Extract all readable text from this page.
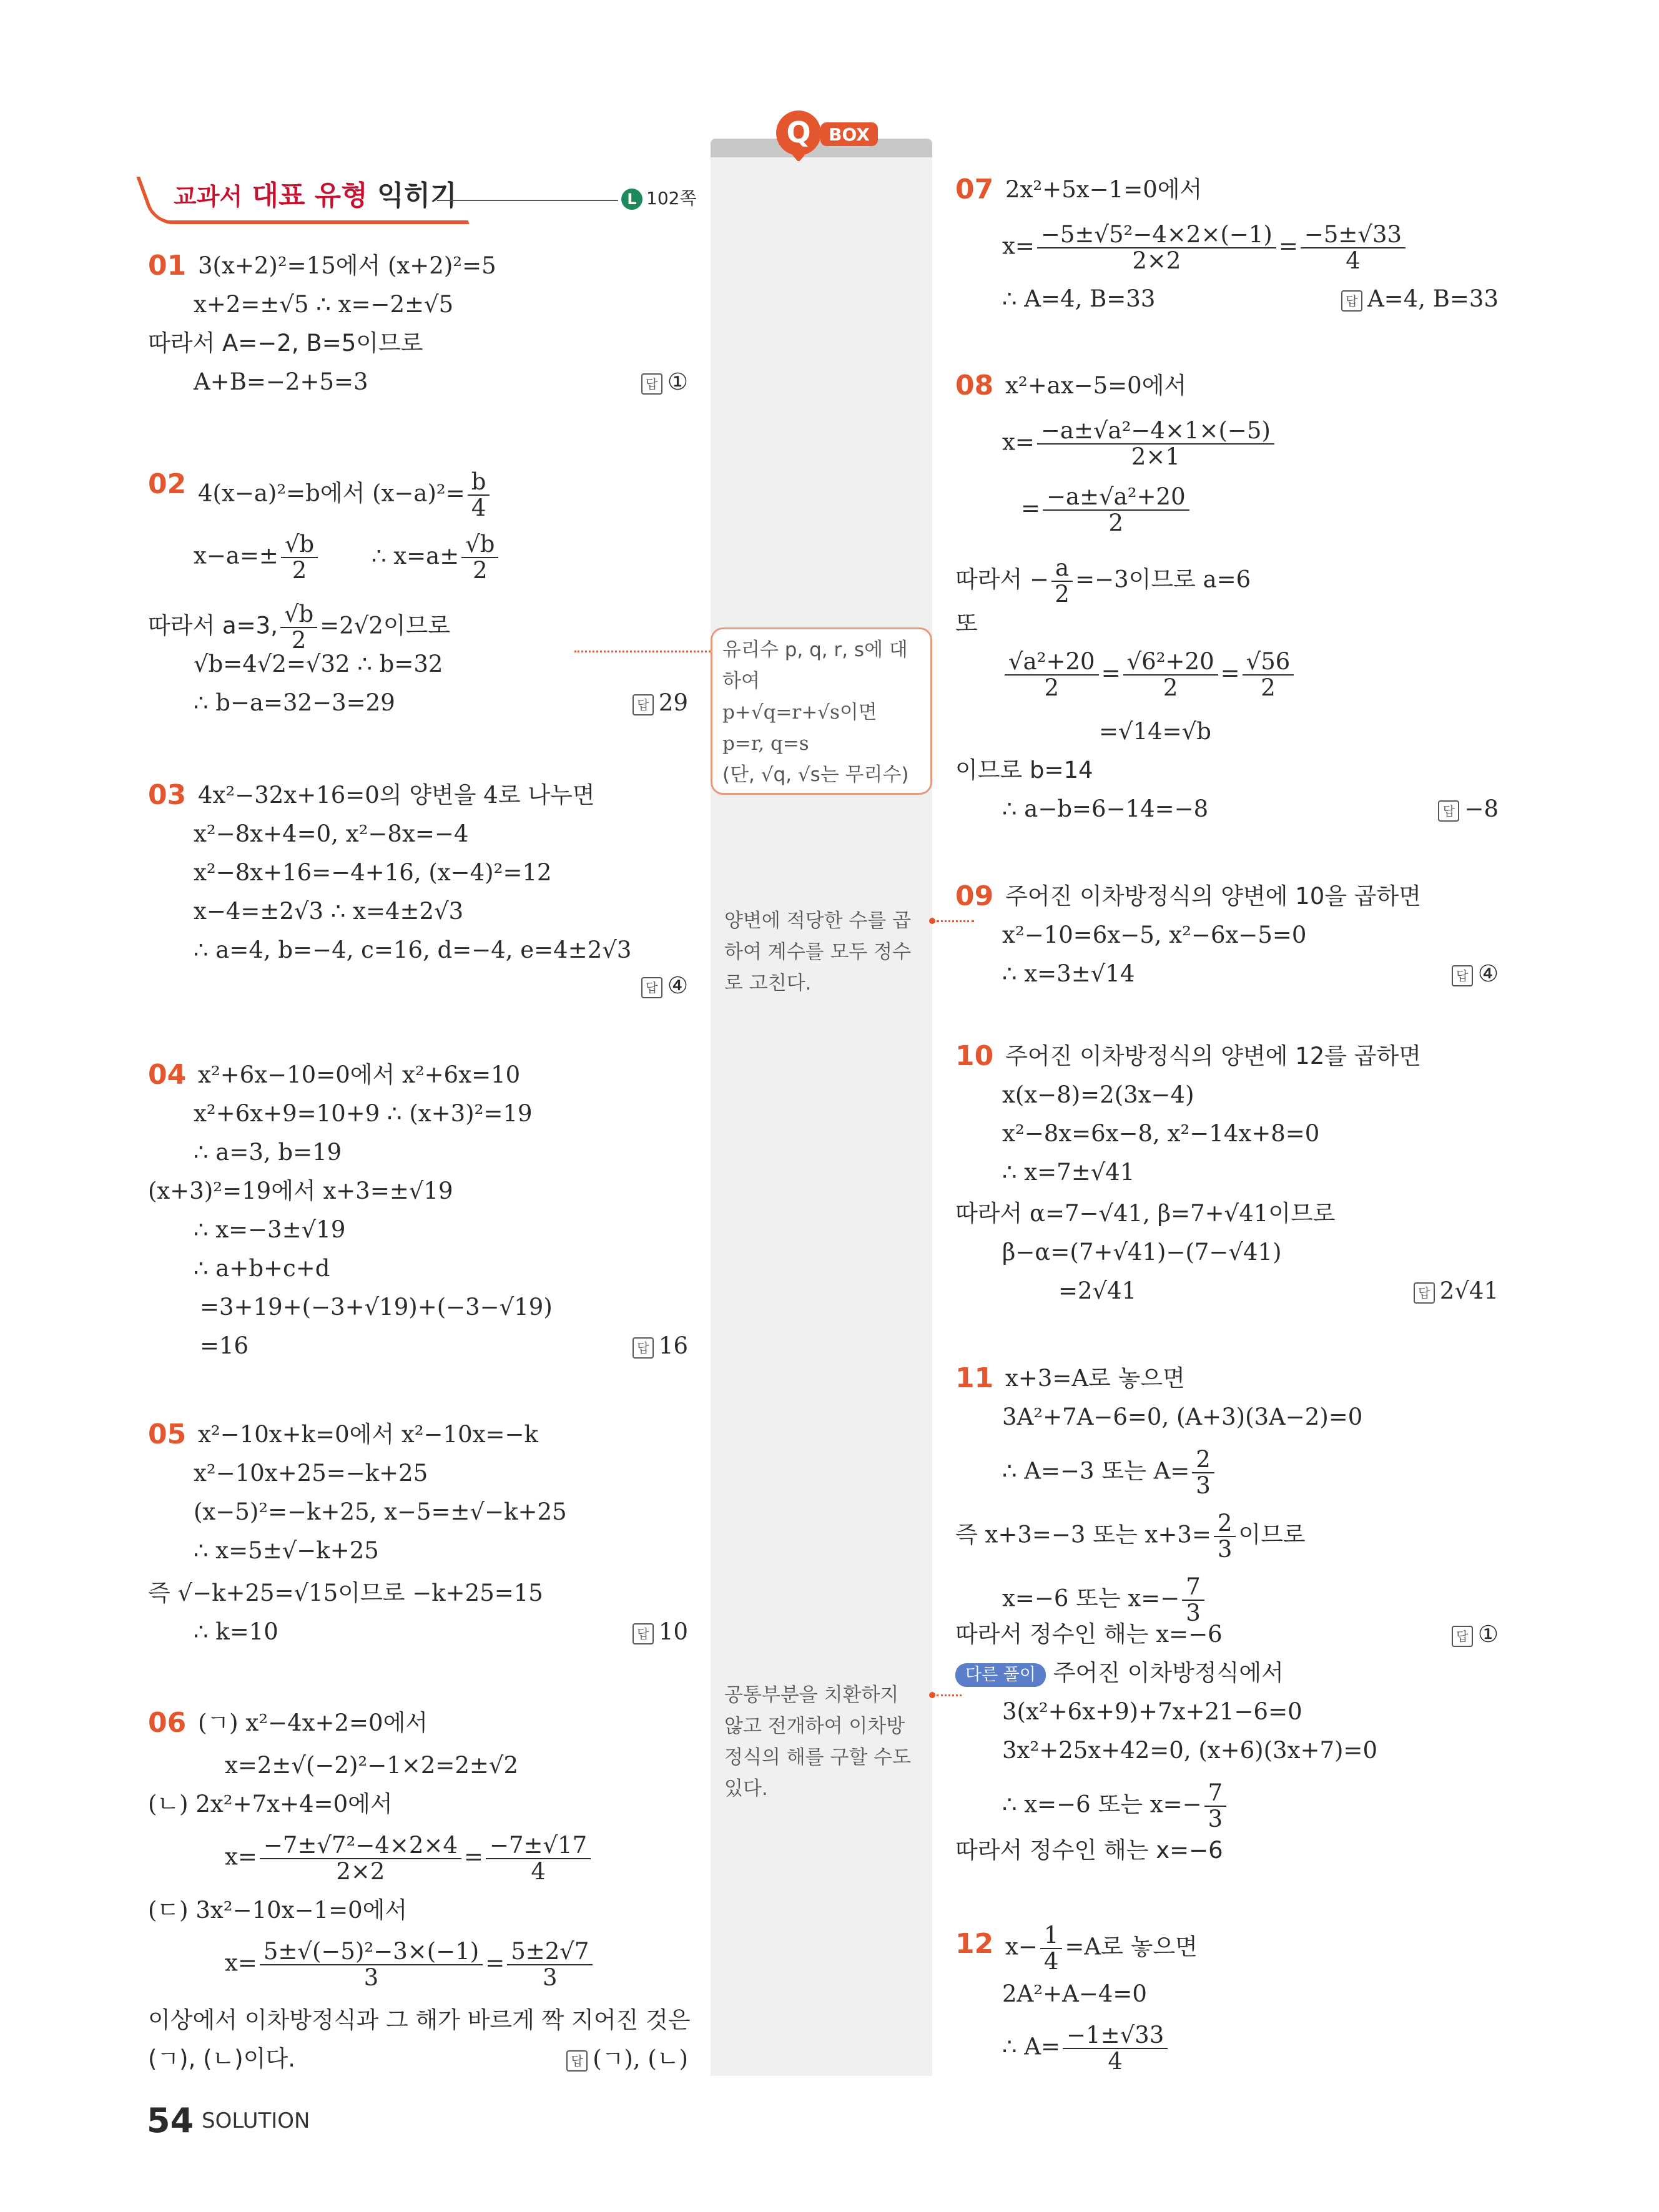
교과서 대표 유형 익히기	L 102쪽
Q BOX
유리수 p, q, r, s에 대
하여
p+√q=r+√s이면
p=r, q=s
(단, √q, √s는 무리수)
양변에 적당한 수를 곱
하여 계수를 모두 정수
로 고친다.
공통부분을 치환하지
않고 전개하여 이차방
정식의 해를 구할 수도
있다.
01 3(x+2)²=15에서 (x+2)²=5
x+2=±√5 ∴ x=−2±√5
따라서 A=−2, B=5이므로
A+B=−2+5=3	답 ①
02 4(x−a)²=b에서 $(x-a)^2= \frac{b}{4}$
$x-a=\pm \frac{√b}{2}$ ∴ $x=a\pm \frac{√b}{2}$
따라서 a=3, $\frac{√b}{2} =2√2$이므로
√b=4√2=√32 ∴ b=32
∴ b−a=32−3=29	답 29
03 4x²−32x+16=0의 양변을 4로 나누면
x²−8x+4=0, x²−8x=−4
x²−8x+16=−4+16, (x−4)²=12
x−4=±2√3 ∴ x=4±2√3
∴ a=4, b=−4, c=16, d=−4, e=4±2√3
답 ④
04 x²+6x−10=0에서 x²+6x=10
x²+6x+9=10+9 ∴ (x+3)²=19
∴ a=3, b=19
(x+3)²=19에서 x+3=±√19
∴ x=−3±√19
∴ a+b+c+d
=3+19+(−3+√19)+(−3−√19)
=16	답 16
05 x²−10x+k=0에서 x²−10x=−k
x²−10x+25=−k+25
(x−5)²=−k+25, x−5=±√−k+25
∴ x=5±√−k+25
즉 √−k+25=√15이므로 −k+25=15
∴ k=10	답 10
06 (ㄱ) x²−4x+2=0에서
x=2±√(−2)²−1×2=2±√2
(ㄴ) 2x²+7x+4=0에서
$x= \frac{\text{−7±√7²−4×2×4}}{2\times 2} = \frac{-7\pm√17}{4}$
(ㄷ) 3x²−10x−1=0에서
$x= \frac{\text{5±√(−5)²−3×(−1)}}{3} = \frac{5\pm 2√7}{3}$
이상에서 이차방정식과 그 해가 바르게 짝 지어진 것은
(ㄱ), (ㄴ)이다.	답 (ㄱ), (ㄴ)
07 2x²+5x−1=0에서
$x= \frac{\text{−5±√5²−4×2×(−1)}}{2\times 2} = \frac{-5\pm√33}{4}$
∴ A=4, B=33	답 A=4, B=33
08 x²+ax−5=0에서
$x= \frac{\text{−a±√a²−4×1×(−5)}}{2\times 1}$
= $\frac{\text{−a±√a²+20}}{2}$
따라서 − $\frac{a}{2} =-3$이므로 a=6
또
$\frac{\text{√a²+20}}{2} = \frac{\text{√6²+20}}{2} = \frac{√56}{2}$
=√14=√b
이므로 b=14
∴ a−b=6−14=−8	답 −8
09 주어진 이차방정식의 양변에 10을 곱하면
x²−10=6x−5, x²−6x−5=0
∴ x=3±√14	답 ④
10 주어진 이차방정식의 양변에 12를 곱하면
x(x−8)=2(3x−4)
x²−8x=6x−8, x²−14x+8=0
∴ x=7±√41
따라서 α=7−√41, β=7+√41이므로
β−α=(7+√41)−(7−√41)
=2√41	답 2√41
11 x+3=A로 놓으면
3A²+7A−6=0, (A+3)(3A−2)=0
∴ A=−3 또는 $A= \frac{2}{3}$
즉 x+3=−3 또는 $x+3= \frac{2}{3}$ 이므로
x=−6 또는 $x=- \frac{7}{3}$
따라서 정수인 해는 x=−6	답 ①
다른 풀이 주어진 이차방정식에서
3(x²+6x+9)+7x+21−6=0
3x²+25x+42=0, (x+6)(3x+7)=0
∴ x=−6 또는 $x=- \frac{7}{3}$
따라서 정수인 해는 x=−6
12 $x- \frac{1}{4} =A$로 놓으면
2A²+A−4=0
∴ $A= \frac{-1\pm√33}{4}$
54 SOLUTION
